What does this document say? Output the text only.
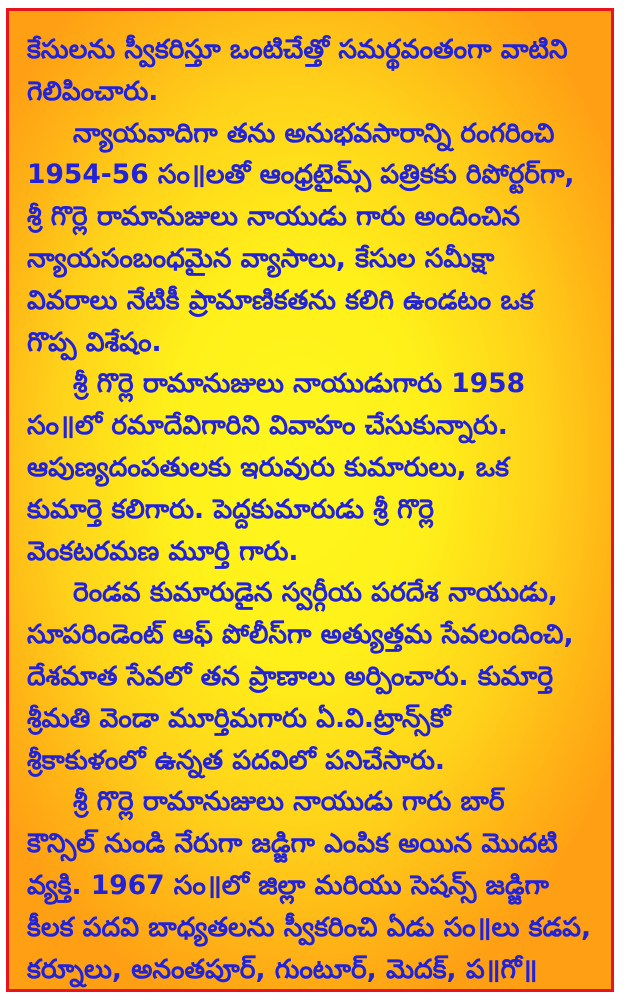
కేసులను స్వీకరిస్తూ ఒంటిచేత్తో సమర్థవంతంగా వాటిని
గెలిపించారు.
న్యాయవాదిగా తను అనుభవసారాన్ని రంగరించి
1954-56 సం॥లతో ఆంధ్రటైమ్స్ పత్రికకు రిపోర్టర్‌గా,
శ్రీ గొర్లె రామానుజులు నాయుడు గారు అందించిన
న్యాయసంబంధమైన వ్యాసాలు, కేసుల సమీక్షా
వివరాలు నేటికీ ప్రామాణికతను కలిగి ఉండటం ఒక
గొప్ప విశేషం.
శ్రీ గొర్లె రామానుజులు నాయుడుగారు 1958
సం॥లో రమాదేవిగారిని వివాహం చేసుకున్నారు.
ఆపుణ్యదంపతులకు ఇరువురు కుమారులు, ఒక
కుమార్తె కలిగారు. పెద్దకుమారుడు శ్రీ గొర్లె
వెంకటరమణ మూర్తి గారు.
రెండవ కుమారుడైన స్వర్గీయ పరదేశ నాయుడు,
సూపరిండెంట్ ఆఫ్ పోలీస్‌గా అత్యుత్తమ సేవలందించి,
దేశమాత సేవలో తన ప్రాణాలు అర్పించారు. కుమార్తె
శ్రీమతి వెండా మూర్తిమగారు ఏ.వి.ట్రాన్స్‌కో
శ్రీకాకుళంలో ఉన్నత పదవిలో పనిచేసారు.
శ్రీ గొర్లె రామానుజులు నాయుడు గారు బార్
కౌన్సిల్ నుండి నేరుగా జడ్జిగా ఎంపిక అయిన మొదటి
వ్యక్తి. 1967 సం॥లో జిల్లా మరియు సెషన్స్ జడ్జిగా
కీలక పదవి బాధ్యతలను స్వీకరించి ఏడు సం॥లు కడప,
కర్నూలు, అనంతపూర్, గుంటూర్, మెదక్, ప॥గో॥
